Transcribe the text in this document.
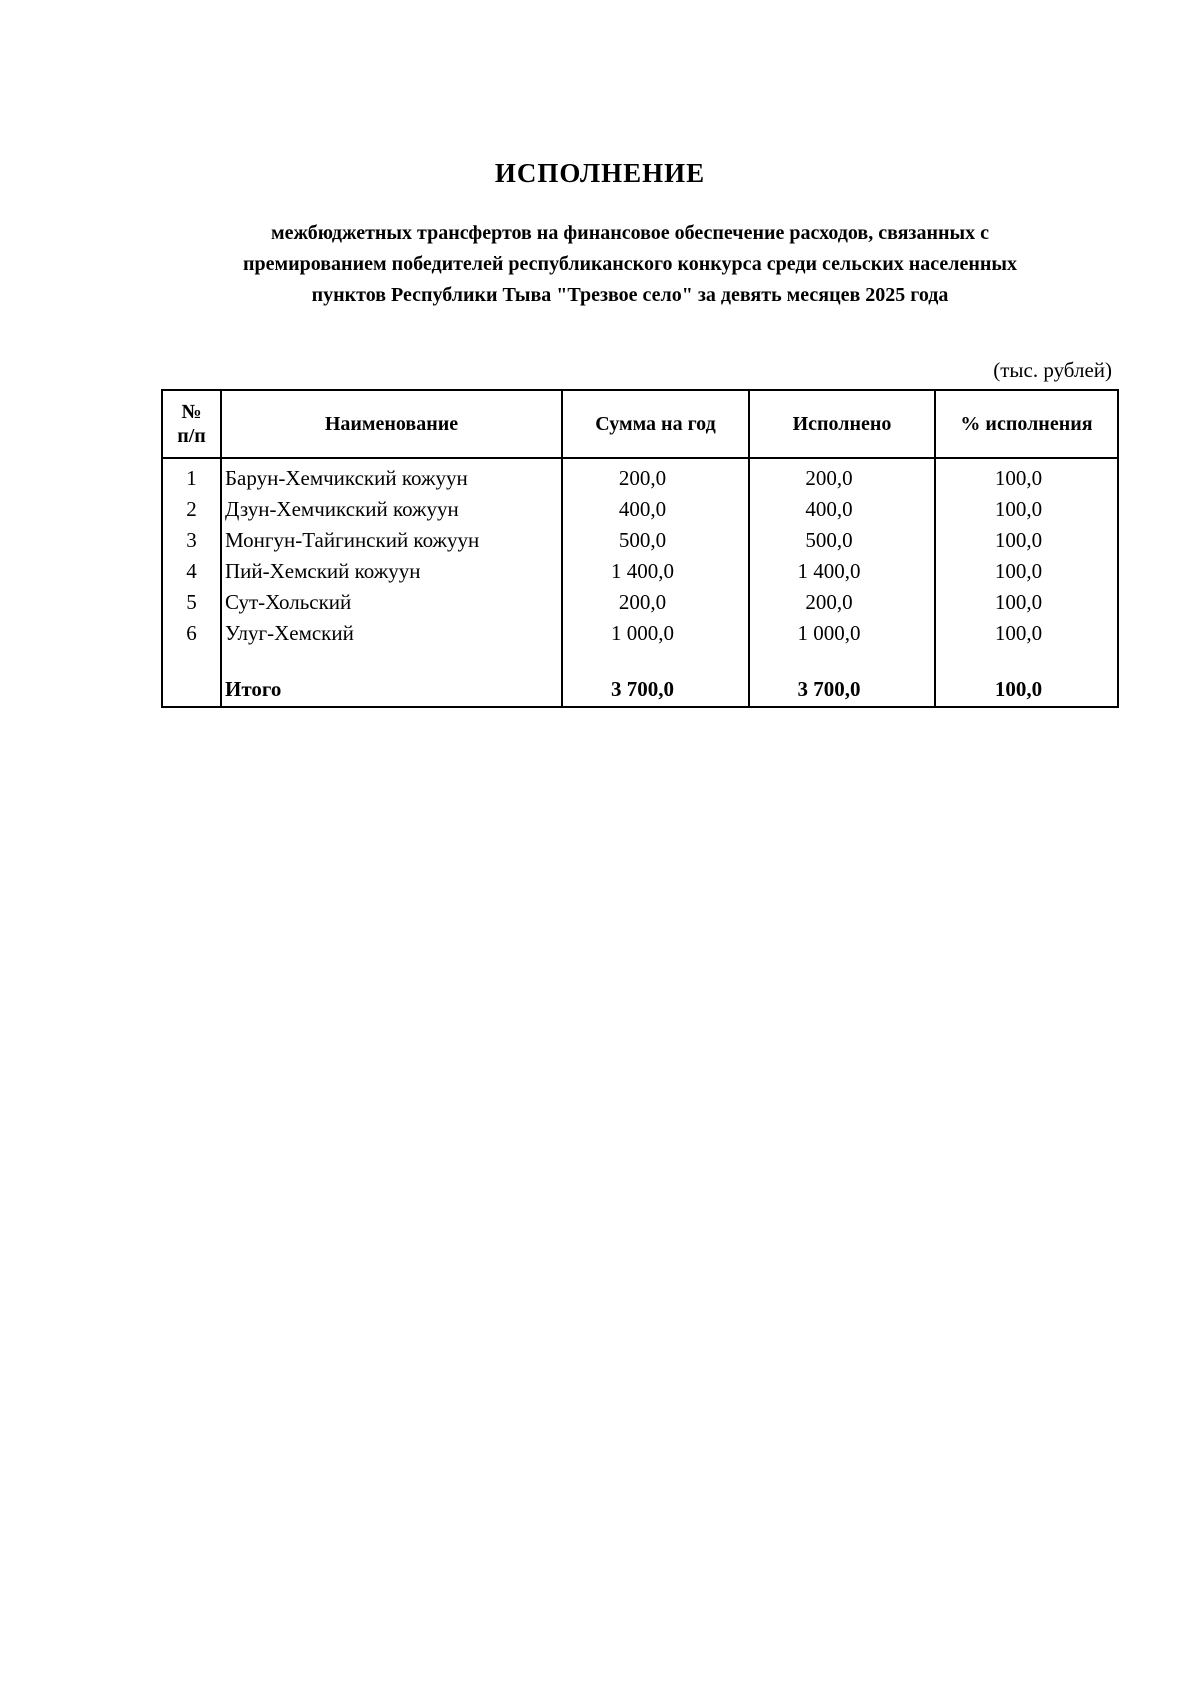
ИСПОЛНЕНИЕ
межбюджетных трансфертов на финансовое обеспечение расходов, связанных с
премированием победителей республиканского конкурса среди сельских населенных
пунктов Республики Тыва "Трезвое село" за девять месяцев 2025 года
(тыс. рублей)
№
п/п	Наименование	Сумма на год	Исполнено	% исполнения
1	Барун-Хемчикский кожуун	200,0	200,0	100,0
2	Дзун-Хемчикский кожуун	400,0	400,0	100,0
3	Монгун-Тайгинский кожуун	500,0	500,0	100,0
4	Пий-Хемский кожуун	1 400,0	1 400,0	100,0
5	Сут-Хольский	200,0	200,0	100,0
6	Улуг-Хемский	1 000,0	1 000,0	100,0

	Итого	3 700,0	3 700,0	100,0
